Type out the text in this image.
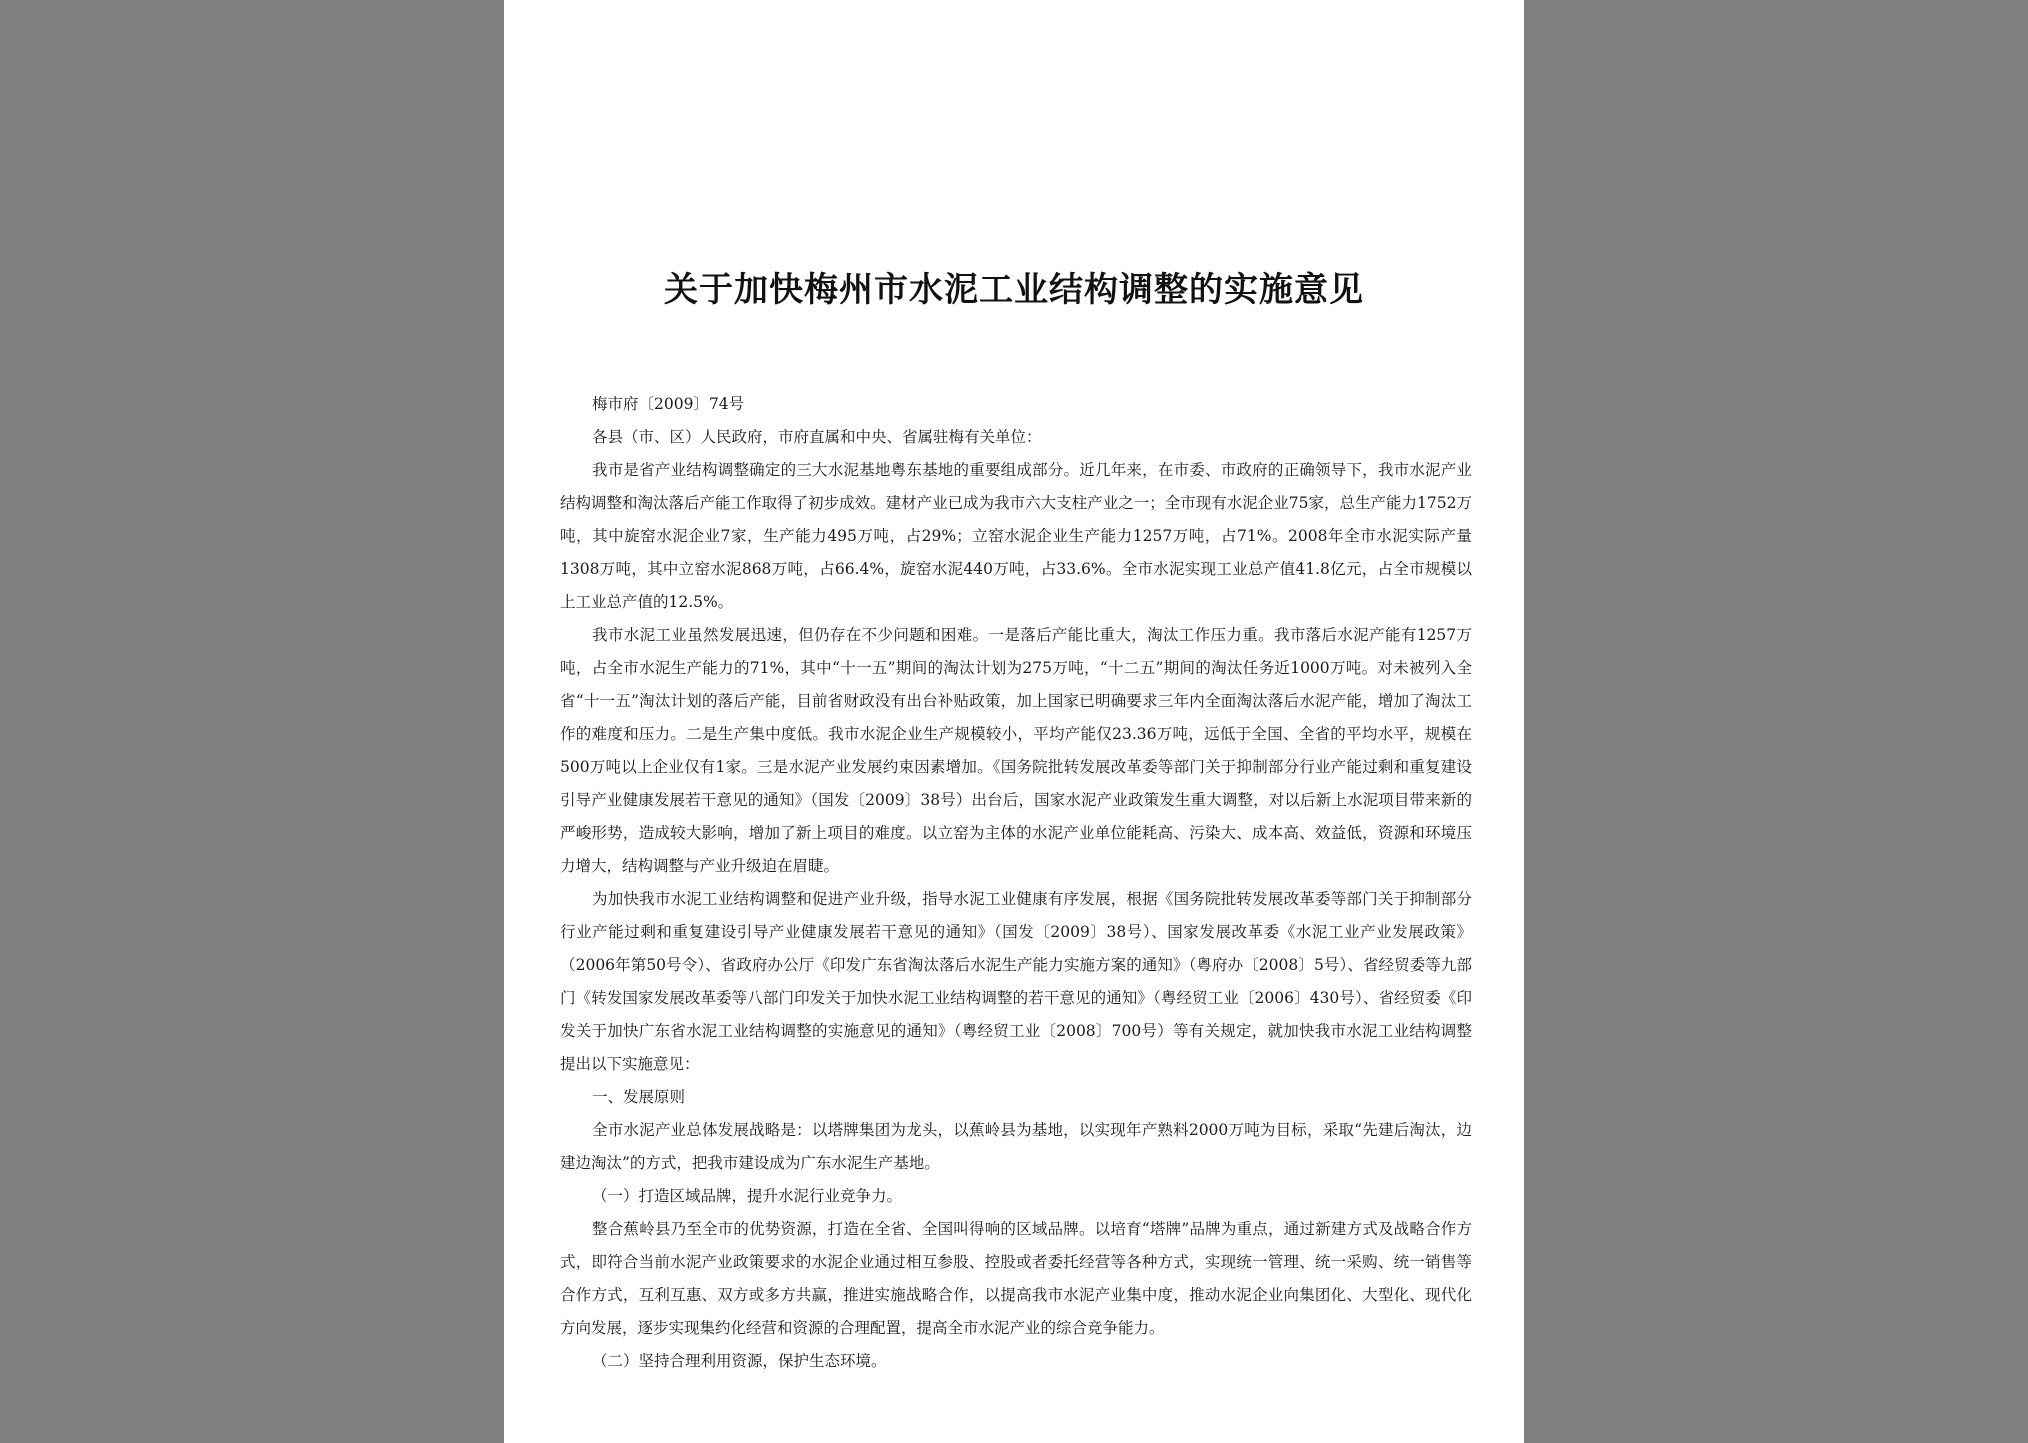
关于加快梅州市水泥工业结构调整的实施意见

梅市府〔2009〕74号

各县（市、区）人民政府，市府直属和中央、省属驻梅有关单位：

我市是省产业结构调整确定的三大水泥基地粤东基地的重要组成部分。近几年来，在市委、市政府的正确领导下，我市水泥产业结构调整和淘汰落后产能工作取得了初步成效。建材产业已成为我市六大支柱产业之一；全市现有水泥企业75家，总生产能力1752万吨，其中旋窑水泥企业7家，生产能力495万吨，占29%；立窑水泥企业生产能力1257万吨，占71%。2008年全市水泥实际产量1308万吨，其中立窑水泥868万吨，占66.4%，旋窑水泥440万吨，占33.6%。全市水泥实现工业总产值41.8亿元，占全市规模以上工业总产值的12.5%。

我市水泥工业虽然发展迅速，但仍存在不少问题和困难。一是落后产能比重大，淘汰工作压力重。我市落后水泥产能有1257万吨，占全市水泥生产能力的71%，其中“十一五”期间的淘汰计划为275万吨，“十二五”期间的淘汰任务近1000万吨。对未被列入全省“十一五”淘汰计划的落后产能，目前省财政没有出台补贴政策，加上国家已明确要求三年内全面淘汰落后水泥产能，增加了淘汰工作的难度和压力。二是生产集中度低。我市水泥企业生产规模较小，平均产能仅23.36万吨，远低于全国、全省的平均水平，规模在500万吨以上企业仅有1家。三是水泥产业发展约束因素增加。《国务院批转发展改革委等部门关于抑制部分行业产能过剩和重复建设引导产业健康发展若干意见的通知》（国发〔2009〕38号）出台后，国家水泥产业政策发生重大调整，对以后新上水泥项目带来新的严峻形势，造成较大影响，增加了新上项目的难度。以立窑为主体的水泥产业单位能耗高、污染大、成本高、效益低，资源和环境压力增大，结构调整与产业升级迫在眉睫。

为加快我市水泥工业结构调整和促进产业升级，指导水泥工业健康有序发展，根据《国务院批转发展改革委等部门关于抑制部分行业产能过剩和重复建设引导产业健康发展若干意见的通知》（国发〔2009〕38号）、国家发展改革委《水泥工业产业发展政策》（2006年第50号令）、省政府办公厅《印发广东省淘汰落后水泥生产能力实施方案的通知》（粤府办〔2008〕5号）、省经贸委等九部门《转发国家发展改革委等八部门印发关于加快水泥工业结构调整的若干意见的通知》（粤经贸工业〔2006〕430号）、省经贸委《印发关于加快广东省水泥工业结构调整的实施意见的通知》（粤经贸工业〔2008〕700号）等有关规定，就加快我市水泥工业结构调整提出以下实施意见：

一、发展原则

全市水泥产业总体发展战略是：以塔牌集团为龙头，以蕉岭县为基地，以实现年产熟料2000万吨为目标，采取“先建后淘汰，边建边淘汰”的方式，把我市建设成为广东水泥生产基地。

（一）打造区域品牌，提升水泥行业竞争力。

整合蕉岭县乃至全市的优势资源，打造在全省、全国叫得响的区域品牌。以培育“塔牌”品牌为重点，通过新建方式及战略合作方式，即符合当前水泥产业政策要求的水泥企业通过相互参股、控股或者委托经营等各种方式，实现统一管理、统一采购、统一销售等合作方式，互利互惠、双方或多方共赢，推进实施战略合作，以提高我市水泥产业集中度，推动水泥企业向集团化、大型化、现代化方向发展，逐步实现集约化经营和资源的合理配置，提高全市水泥产业的综合竞争能力。

（二）坚持合理利用资源，保护生态环境。
